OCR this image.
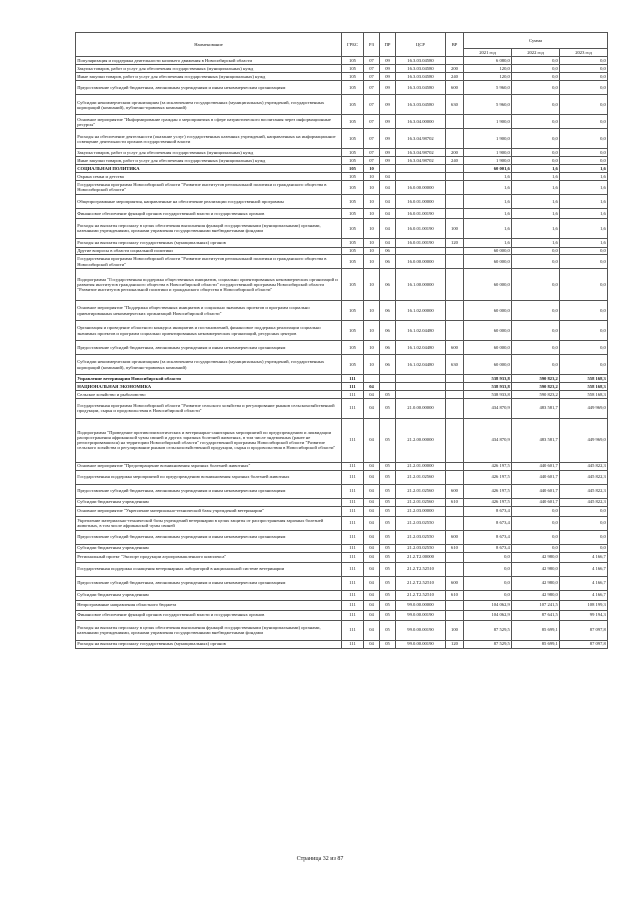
Наименование	ГРБС	РЗ	ПР	ЦСР	ВР	Сумма		
						2021 год	2022 год	2023 год
Популяризация и поддержка деятельности казачьего движения в Новосибирской области	105	07	09	16.3.03.04580		6 080,0	0,0	0,0
Закупка товаров, работ и услуг для обеспечения государственных (муниципальных) нужд	105	07	09	16.3.03.04580	200	120,0	0,0	0,0
Иные закупки товаров, работ и услуг для обеспечения государственных (муниципальных) нужд	105	07	09	16.3.03.04580	240	120,0	0,0	0,0
Предоставление субсидий бюджетным, автономным учреждениям и иным некоммерческим организациям	105	07	09	16.3.03.04580	600	5 960,0	0,0	0,0
Субсидии некоммерческим организациям (за исключением государственных (муниципальных) учреждений, государственных корпораций (компаний), публично-правовых компаний)	105	07	09	16.3.03.04580	630	5 960,0	0,0	0,0
Основное мероприятие "Информирование граждан о мероприятиях в сфере патриотического воспитания через информационные ресурсы"	105	07	09	16.3.04.00000		1 900,0	0,0	0,0
Расходы на обеспечение деятельности (оказание услуг) государственных казенных учреждений, направленных на информационное освещение деятельности органов государственной власти	105	07	09	16.3.04.98702		1 900,0	0,0	0,0
Закупка товаров, работ и услуг для обеспечения государственных (муниципальных) нужд	105	07	09	16.3.04.98702	200	1 900,0	0,0	0,0
Иные закупки товаров, работ и услуг для обеспечения государственных (муниципальных) нужд	105	07	09	16.3.04.98702	240	1 900,0	0,0	0,0
СОЦИАЛЬНАЯ ПОЛИТИКА	105	10				60 001,6	1,6	1,6
Охрана семьи и детства	105	10	04			1,6	1,6	1,6
Государственная программа Новосибирской области "Развитие институтов региональной политики и гражданского общества в Новосибирской области"	105	10	04	16.0.00.00000		1,6	1,6	1,6
Общепрограммные мероприятия, направленные на обеспечение реализации государственной программы	105	10	04	16.0.01.00000		1,6	1,6	1,6
Финансовое обеспечение функций органов государственной власти и государственных органов	105	10	04	16.0.01.00190		1,6	1,6	1,6
Расходы на выплаты персоналу в целях обеспечения выполнения функций государственными (муниципальными) органами, казенными учреждениями, органами управления государственными внебюджетными фондами	105	10	04	16.0.01.00190	100	1,6	1,6	1,6
Расходы на выплаты персоналу государственных (муниципальных) органов	105	10	04	16.0.01.00190	120	1,6	1,6	1,6
Другие вопросы в области социальной политики	105	10	06			60 000,0	0,0	0,0
Государственная программа Новосибирской области "Развитие институтов региональной политики и гражданского общества в Новосибирской области"	105	10	06	16.0.00.00000		60 000,0	0,0	0,0
Подпрограмма "Государственная поддержка общественных инициатив, социально ориентированных некоммерческих организаций и развития институтов гражданского общества в Новосибирской области" государственной программы Новосибирской области "Развитие институтов региональной политики и гражданского общества в Новосибирской области"	105	10	06	16.1.00.00000		60 000,0	0,0	0,0
Основное мероприятие "Поддержка общественных инициатив и социально значимых проектов и программ социально ориентированных некоммерческих организаций Новосибирской области"	105	10	06	16.1.02.00000		60 000,0	0,0	0,0
Организация и проведение областного конкурса инициатив и постановлений, финансовое поддержка реализации социально значимых проектов и программ социально ориентированных некоммерческих организаций, ресурсных центров	105	10	06	16.1.02.04480		60 000,0	0,0	0,0
Предоставление субсидий бюджетным, автономным учреждениям и иным некоммерческим организациям	105	10	06	16.1.02.04480	600	60 000,0	0,0	0,0
Субсидии некоммерческим организациям (за исключением государственных (муниципальных) учреждений, государственных корпораций (компаний), публично-правовых компаний)	105	10	06	16.1.02.04480	630	60 000,0	0,0	0,0
Управление ветеринарии Новосибирской области	111					538 933,8	590 823,2	558 168,3
НАЦИОНАЛЬНАЯ ЭКОНОМИКА	111	04				538 933,8	590 823,2	558 168,3
Сельское хозяйство и рыболовство	111	04	05			538 933,8	590 823,2	558 168,3
Государственная программа Новосибирской области "Развитие сельского хозяйства и регулирование рынков сельскохозяйственной продукции, сырья и продовольствия в Новосибирской области"	111	04	05	21.0.00.00000		434 870,9	483 581,7	449 969,0
Подпрограмма "Проведение противоэпизоотических и ветеринарно-санитарных мероприятий по предупреждению и ликвидации распространения африканской чумы свиней и других заразных болезней животных, в том числе эндемичных (ранее не регистрировавшихся) на территории Новосибирской области" государственной программы Новосибирской области "Развитие сельского хозяйства и регулирование рынков сельскохозяйственной продукции, сырья и продовольствия в Новосибирской области"	111	04	05	21.2.00.00000		434 870,9	483 581,7	449 969,0
Основное мероприятие "Предотвращение возникновения заразных болезней животных"	111	04	05	21.2.01.00000		426 197,5	440 601,7	445 822,3
Государственная поддержка мероприятий по предупреждению возникновения заразных болезней животных	111	04	05	21.2.01.02560		426 197,5	440 601,7	445 822,3
Предоставление субсидий бюджетным, автономным учреждениям и иным некоммерческим организациям	111	04	05	21.2.01.02560	600	426 197,5	440 601,7	445 822,3
Субсидии бюджетным учреждениям	111	04	05	21.2.01.02560	610	426 197,5	440 601,7	445 822,3
Основное мероприятие "Укрепление материально-технической базы учреждений ветеринарии"	111	04	05	21.2.03.00000		8 673,4	0,0	0,0
Укрепление материально-технической базы учреждений ветеринарии в целях защиты от распространения заразных болезней животных, в том числе африканской чумы свиней	111	04	05	21.2.03.02550		8 673,4	0,0	0,0
Предоставление субсидий бюджетным, автономным учреждениям и иным некоммерческим организациям	111	04	05	21.2.03.02550	600	8 673,4	0,0	0,0
Субсидии бюджетным учреждениям	111	04	05	21.2.03.02550	610	8 673,4	0,0	0,0
Региональный проект "Экспорт продукции агропромышленного комплекса"	111	04	05	21.2.T2.00000		0,0	42 980,0	4 166,7
Государственная поддержка оснащения ветеринарных лабораторий в национальной системе ветеринарии	111	04	05	21.2.T2.52510		0,0	42 980,0	4 166,7
Предоставление субсидий бюджетным, автономным учреждениям и иным некоммерческим организациям	111	04	05	21.2.T2.52510	600	0,0	42 980,0	4 166,7
Субсидии бюджетным учреждениям	111	04	05	21.2.T2.52510	610	0,0	42 980,0	4 166,7
Непрограммные направления областного бюджета	111	04	05	99.0.00.00000		104 062,9	107 241,5	108 199,3
Финансовое обеспечение функций органов государственной власти и государственных органов	111	04	05	99.0.00.00190		104 062,9	87 641,5	99 194,3
Расходы на выплаты персоналу в целях обеспечения выполнения функций государственными (муниципальными) органами, казенными учреждениями, органами управления государственными внебюджетными фондами	111	04	05	99.0.00.00190	100	87 529,5	85 699,1	87 097,8
Расходы на выплаты персоналу государственных (муниципальных) органов	111	04	05	99.0.00.00190	120	87 529,5	85 699,1	87 097,8
Страница 32 из 87
